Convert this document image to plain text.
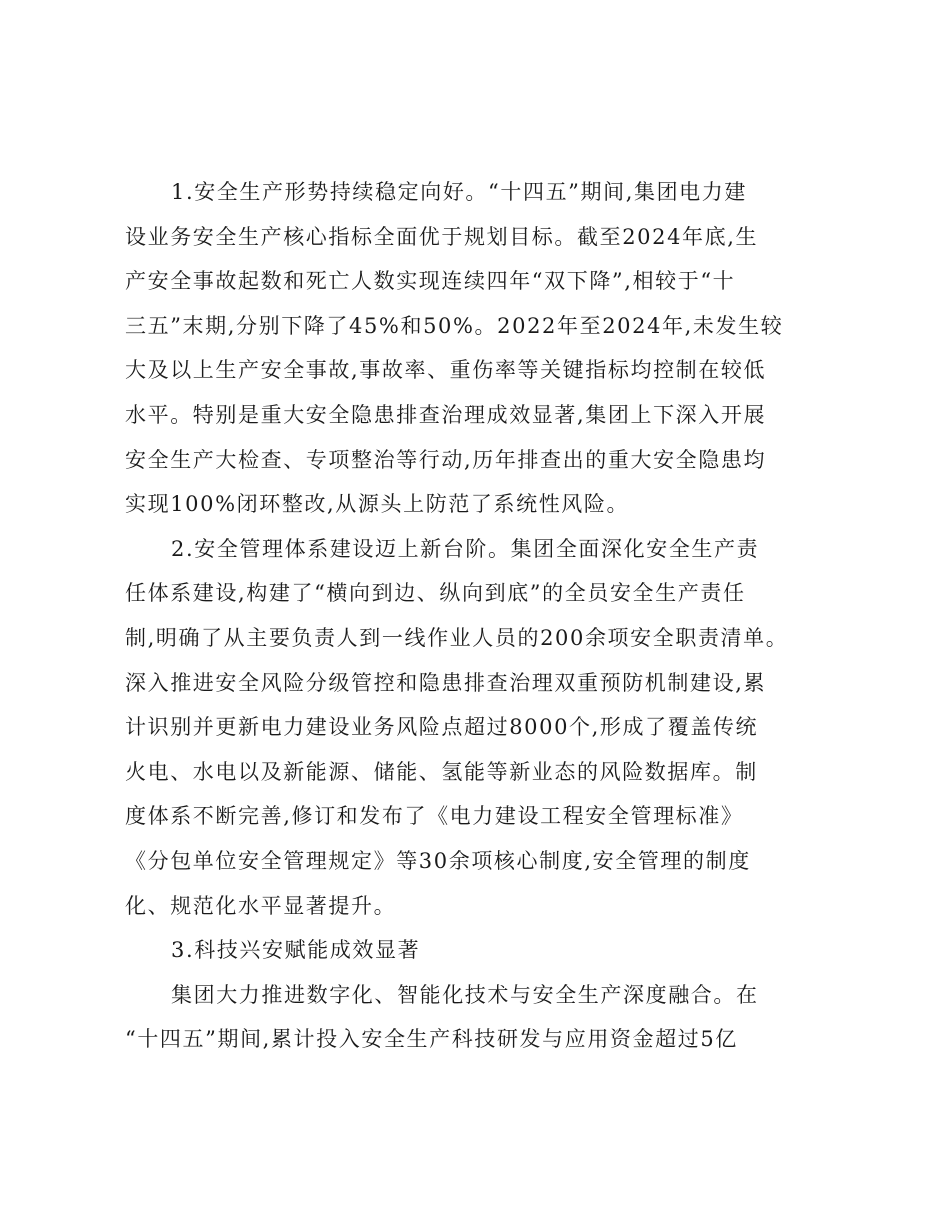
1.安全生产形势持续稳定向好。“十四五”期间,集团电力建
设业务安全生产核心指标全面优于规划目标。截至2024年底,生
产安全事故起数和死亡人数实现连续四年“双下降”,相较于“十
三五”末期,分别下降了45%和50%。2022年至2024年,未发生较
大及以上生产安全事故,事故率、重伤率等关键指标均控制在较低
水平。特别是重大安全隐患排查治理成效显著,集团上下深入开展
安全生产大检查、专项整治等行动,历年排查出的重大安全隐患均
实现100%闭环整改,从源头上防范了系统性风险。
2.安全管理体系建设迈上新台阶。集团全面深化安全生产责
任体系建设,构建了“横向到边、纵向到底”的全员安全生产责任
制,明确了从主要负责人到一线作业人员的200余项安全职责清单。
深入推进安全风险分级管控和隐患排查治理双重预防机制建设,累
计识别并更新电力建设业务风险点超过8000个,形成了覆盖传统
火电、水电以及新能源、储能、氢能等新业态的风险数据库。制
度体系不断完善,修订和发布了《电力建设工程安全管理标准》
《分包单位安全管理规定》等30余项核心制度,安全管理的制度
化、规范化水平显著提升。
3.科技兴安赋能成效显著
集团大力推进数字化、智能化技术与安全生产深度融合。在
“十四五”期间,累计投入安全生产科技研发与应用资金超过5亿
